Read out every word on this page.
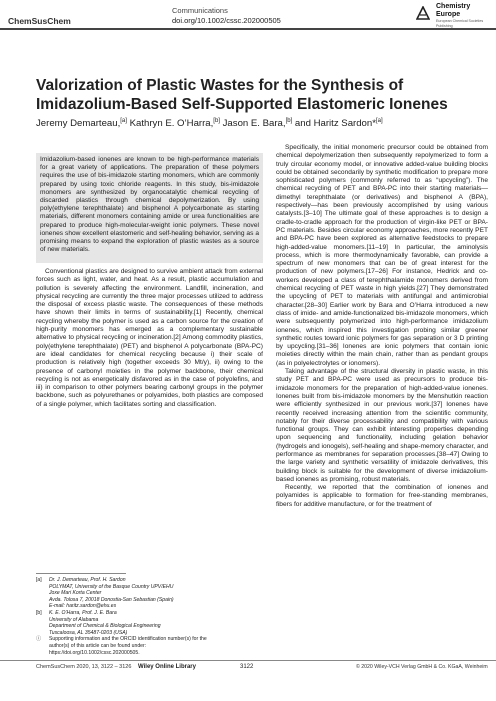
ChemSusChem
Communications
doi.org/10.1002/cssc.202000505
Chemistry Europe
European Chemical Societies Publishing
Valorization of Plastic Wastes for the Synthesis of Imidazolium-Based Self-Supported Elastomeric Ionenes
Jeremy Demarteau,[a] Kathryn E. O’Harra,[b] Jason E. Bara,[b] and Haritz Sardon*[a]
Imidazolium-based ionenes are known to be high-performance materials for a great variety of applications. The preparation of these polymers requires the use of bis-imidazole starting monomers, which are commonly prepared by using toxic chloride reagents. In this study, bis-imidazole monomers are synthesized by organocatalytic chemical recycling of discarded plastics through chemical depolymerization. By using poly(ethylene terephthalate) and bisphenol A polycarbonate as starting materials, different monomers containing amide or urea functionalities are prepared to produce high-molecular-weight ionic polymers. These novel ionenes show excellent elastomeric and self-healing behavior, serving as a promising means to expand the exploration of plastic wastes as a source of new materials.

Conventional plastics are designed to survive ambient attack from external forces such as light, water, and heat. As a result, plastic accumulation and pollution is severely affecting the environment. Landfill, incineration, and physical recycling are currently the three major processes utilized to address the disposal of excess plastic waste. The consequences of these methods have shown their limits in terms of sustainability.[1] Recently, chemical recycling whereby the polymer is used as a carbon source for the creation of high-purity monomers has emerged as a complementary sustainable alternative to physical recycling or incineration.[2] Among commodity plastics, poly(ethylene terephthalate) (PET) and bisphenol A polycarbonate (BPA-PC) are ideal candidates for chemical recycling because i) their scale of production is relatively high (together exceeds 30 Mt/y), ii) owing to the presence of carbonyl moieties in the polymer backbone, their chemical recycling is not as energetically disfavored as in the case of polyolefins, and iii) in comparison to other polymers bearing carbonyl groups in the polymer backbone, such as polyurethanes or polyamides, both plastics are composed of a single polymer, which facilitates sorting and classification.

Specifically, the initial monomeric precursor could be obtained from chemical depolymerization then subsequently repolymerized to form a truly circular economy model, or innovative added-value building blocks could be obtained secondarily by synthetic modification to prepare more sophisticated polymers (commonly referred to as “upcycling”). The chemical recycling of PET and BPA-PC into their starting materials—dimethyl terephthalate (or derivatives) and bisphenol A (BPA), respectively—has been previously accomplished by using various catalysts.[3–10] The ultimate goal of these approaches is to design a cradle-to-cradle approach for the production of virgin-like PET or BPA-PC materials. Besides circular economy approaches, more recently PET and BPA-PC have been explored as alternative feedstocks to prepare high-added-value monomers.[11–19] In particular, the aminolysis process, which is more thermodynamically favorable, can provide a spectrum of new monomers that can be of great interest for the production of new polymers.[17–26] For instance, Hedrick and co-workers developed a class of terephthalamide monomers derived from chemical recycling of PET waste in high yields.[27] They demonstrated the upcycling of PET to materials with antifungal and antimicrobial character.[28–30] Earlier work by Bara and O’Harra introduced a new class of imide- and amide-functionalized bis-imidazole monomers, which were subsequently polymerized into high-performance imidazolium ionenes, which inspired this investigation probing similar greener synthetic routes toward ionic polymers for gas separation or 3 D printing by upcycling.[31–36] Ionenes are ionic polymers that contain ionic moieties directly within the main chain, rather than as pendant groups (as in polyelectrolytes or ionomers).

Taking advantage of the structural diversity in plastic waste, in this study PET and BPA-PC were used as precursors to produce bis-imidazole monomers for the preparation of high-added-value ionenes. Ionenes built from bis-imidazole monomers by the Menshutkin reaction were efficiently synthesized in our previous work.[37] Ionenes have recently received increasing attention from the scientific community, notably for their diverse processability and compatibility with various functional groups. They can exhibit interesting properties depending upon sequencing and functionality, including gelation behavior (hydrogels and ionogels), self-healing and shape-memory character, and performance as membranes for separation processes.[38–47] Owing to the large variety and synthetic versatility of imidazole derivatives, this building block is suitable for the development of diverse imidazolium-based ionenes as promising, robust materials.

Recently, we reported that the combination of ionenes and polyamides is applicable to formation for free-standing membranes, fibers for additive manufacture, or for the treatment of

[a]	Dr. J. Demarteau, Prof. H. Sardon
POLYMAT, University of the Basque Country UPV/EHU
Joxe Mari Korta Center
Avda. Tolosa 7, 20018 Donostia-San Sebastian (Spain)
E-mail: haritz.sardon@ehu.es
[b]	K. E. O’Harra, Prof. J. E. Bara
University of Alabama
Department of Chemical & Biological Engineering
Tuscaloosa, AL 35487-0203 (USA)
ⓘ	Supporting information and the ORCID identification number(s) for the
author(s) of this article can be found under:
https://doi.org/10.1002/cssc.202000505.
ChemSusChem 2020, 13, 3122 – 3126 Wiley Online Library	3122	© 2020 Wiley-VCH Verlag GmbH & Co. KGaA, Weinheim
